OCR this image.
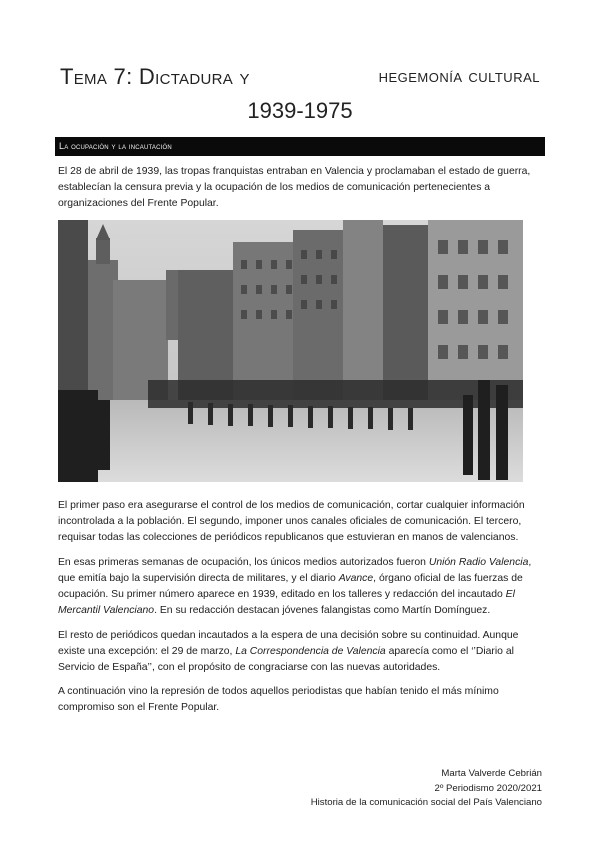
Tema 7: Dictadura y	hegemonía cultural
1939-1975
La ocupación y la incautación

El 28 de abril de 1939, las tropas franquistas entraban en Valencia y proclamaban el estado de guerra, establecían la censura previa y la ocupación de los medios de comunicación pertenecientes a organizaciones del Frente Popular.

El primer paso era asegurarse el control de los medios de comunicación, cortar cualquier información incontrolada a la población. El segundo, imponer unos canales oficiales de comunicación. El tercero, requisar todas las colecciones de periódicos republicanos que estuvieran en manos de valencianos.

En esas primeras semanas de ocupación, los únicos medios autorizados fueron Unión Radio Valencia, que emitía bajo la supervisión directa de militares, y el diario Avance, órgano oficial de las fuerzas de ocupación. Su primer número aparece en 1939, editado en los talleres y redacción del incautado El Mercantil Valenciano. En su redacción destacan jóvenes falangistas como Martín Domínguez.

El resto de periódicos quedan incautados a la espera de una decisión sobre su continuidad. Aunque existe una excepción: el 29 de marzo, La Correspondencia de Valencia aparecía como el ‘’Diario al Servicio de España’’, con el propósito de congraciarse con las nuevas autoridades.

A continuación vino la represión de todos aquellos periodistas que habían tenido el más mínimo compromiso son el Frente Popular.

Marta Valverde Cebrián
2º Periodismo 2020/2021
Historia de la comunicación social del País Valenciano
